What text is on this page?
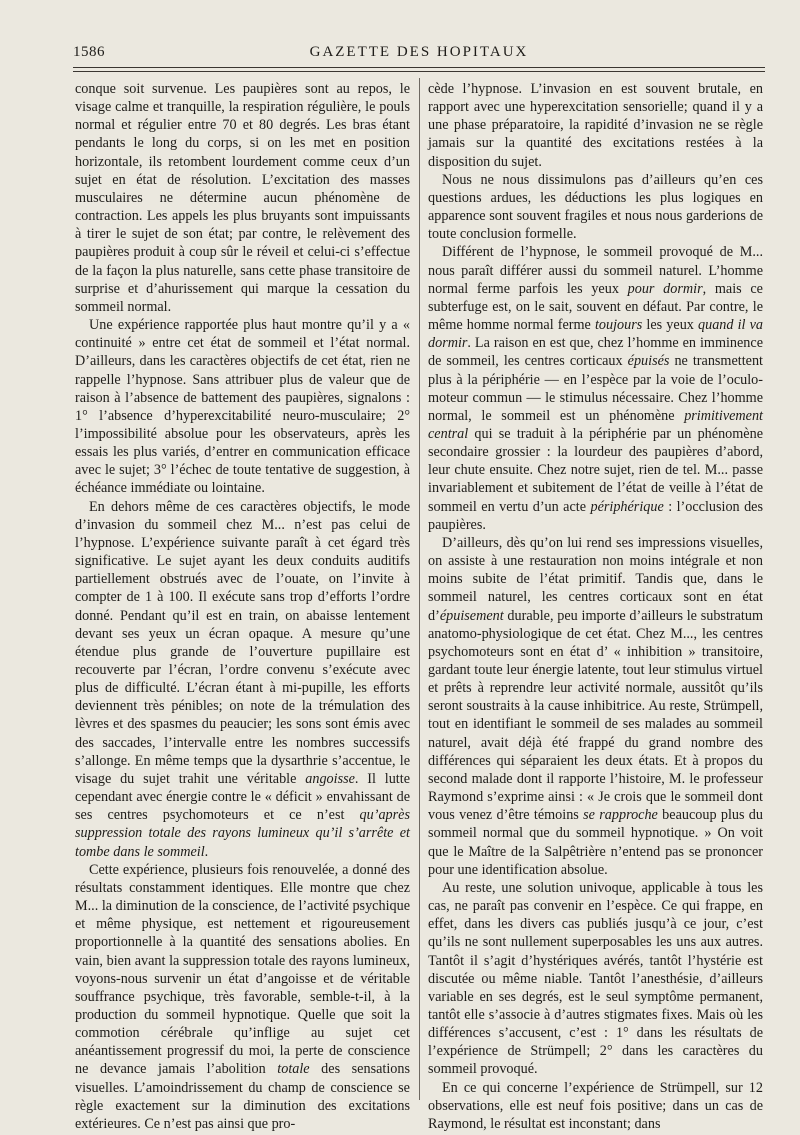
1586	GAZETTE DES HOPITAUX

conque soit survenue. Les paupières sont au repos, le visage calme et tranquille, la respiration régulière, le pouls normal et régulier entre 70 et 80 degrés. Les bras étant pendants le long du corps, si on les met en position horizontale, ils retombent lourdement comme ceux d’un sujet en état de résolution. L’excitation des masses musculaires ne détermine aucun phénomène de contraction. Les appels les plus bruyants sont impuissants à tirer le sujet de son état; par contre, le relèvement des paupières produit à coup sûr le réveil et celui-ci s’effectue de la façon la plus naturelle, sans cette phase transitoire de surprise et d’ahurissement qui marque la cessation du sommeil normal.

Une expérience rapportée plus haut montre qu’il y a « continuité » entre cet état de sommeil et l’état normal. D’ailleurs, dans les caractères objectifs de cet état, rien ne rappelle l’hypnose. Sans attribuer plus de valeur que de raison à l’absence de battement des paupières, signalons : 1° l’absence d’hyperexcitabilité neuro-musculaire; 2° l’impossibilité absolue pour les observateurs, après les essais les plus variés, d’entrer en communication efficace avec le sujet; 3° l’échec de toute tentative de suggestion, à échéance immédiate ou lointaine.

En dehors même de ces caractères objectifs, le mode d’invasion du sommeil chez M... n’est pas celui de l’hypnose. L’expérience suivante paraît à cet égard très significative. Le sujet ayant les deux conduits auditifs partiellement obstrués avec de l’ouate, on l’invite à compter de 1 à 100. Il exécute sans trop d’efforts l’ordre donné. Pendant qu’il est en train, on abaisse lentement devant ses yeux un écran opaque. A mesure qu’une étendue plus grande de l’ouverture pupillaire est recouverte par l’écran, l’ordre convenu s’exécute avec plus de difficulté. L’écran étant à mi-pupille, les efforts deviennent très pénibles; on note de la trémulation des lèvres et des spasmes du peaucier; les sons sont émis avec des saccades, l’intervalle entre les nombres successifs s’allonge. En même temps que la dysarthrie s’accentue, le visage du sujet trahit une véritable angoisse. Il lutte cependant avec énergie contre le « déficit » envahissant de ses centres psychomoteurs et ce n’est qu’après suppression totale des rayons lumineux qu’il s’arrête et tombe dans le sommeil.

Cette expérience, plusieurs fois renouvelée, a donné des résultats constamment identiques. Elle montre que chez M... la diminution de la conscience, de l’activité psychique et même physique, est nettement et rigoureusement proportionnelle à la quantité des sensations abolies. En vain, bien avant la suppression totale des rayons lumineux, voyons-nous survenir un état d’angoisse et de véritable souffrance psychique, très favorable, semble-t-il, à la production du sommeil hypnotique. Quelle que soit la commotion cérébrale qu’inflige au sujet cet anéantissement progressif du moi, la perte de conscience ne devance jamais l’abolition totale des sensations visuelles. L’amoindrissement du champ de conscience se règle exactement sur la diminution des excitations extérieures. Ce n’est pas ainsi que pro-

cède l’hypnose. L’invasion en est souvent brutale, en rapport avec une hyperexcitation sensorielle; quand il y a une phase préparatoire, la rapidité d’invasion ne se règle jamais sur la quantité des excitations restées à la disposition du sujet.

Nous ne nous dissimulons pas d’ailleurs qu’en ces questions ardues, les déductions les plus logiques en apparence sont souvent fragiles et nous nous garderions de toute conclusion formelle.

Différent de l’hypnose, le sommeil provoqué de M... nous paraît différer aussi du sommeil naturel. L’homme normal ferme parfois les yeux pour dormir, mais ce subterfuge est, on le sait, souvent en défaut. Par contre, le même homme normal ferme toujours les yeux quand il va dormir. La raison en est que, chez l’homme en imminence de sommeil, les centres corticaux épuisés ne transmettent plus à la périphérie — en l’espèce par la voie de l’oculo-moteur commun — le stimulus nécessaire. Chez l’homme normal, le sommeil est un phénomène primitivement central qui se traduit à la périphérie par un phénomène secondaire grossier : la lourdeur des paupières d’abord, leur chute ensuite. Chez notre sujet, rien de tel. M... passe invariablement et subitement de l’état de veille à l’état de sommeil en vertu d’un acte périphérique : l’occlusion des paupières.

D’ailleurs, dès qu’on lui rend ses impressions visuelles, on assiste à une restauration non moins intégrale et non moins subite de l’état primitif. Tandis que, dans le sommeil naturel, les centres corticaux sont en état d’épuisement durable, peu importe d’ailleurs le substratum anatomo-physiologique de cet état. Chez M..., les centres psychomoteurs sont en état d’ « inhibition » transitoire, gardant toute leur énergie latente, tout leur stimulus virtuel et prêts à reprendre leur activité normale, aussitôt qu’ils seront soustraits à la cause inhibitrice. Au reste, Strümpell, tout en identifiant le sommeil de ses malades au sommeil naturel, avait déjà été frappé du grand nombre des différences qui séparaient les deux états. Et à propos du second malade dont il rapporte l’histoire, M. le professeur Raymond s’exprime ainsi : « Je crois que le sommeil dont vous venez d’être témoins se rapproche beaucoup plus du sommeil normal que du sommeil hypnotique. » On voit que le Maître de la Salpêtrière n’entend pas se prononcer pour une identification absolue.

Au reste, une solution univoque, applicable à tous les cas, ne paraît pas convenir en l’espèce. Ce qui frappe, en effet, dans les divers cas publiés jusqu’à ce jour, c’est qu’ils ne sont nullement superposables les uns aux autres. Tantôt il s’agit d’hystériques avérés, tantôt l’hystérie est discutée ou même niable. Tantôt l’anesthésie, d’ailleurs variable en ses degrés, est le seul symptôme permanent, tantôt elle s’associe à d’autres stigmates fixes. Mais où les différences s’accusent, c’est : 1° dans les résultats de l’expérience de Strümpell; 2° dans les caractères du sommeil provoqué.

En ce qui concerne l’expérience de Strümpell, sur 12 observations, elle est neuf fois positive; dans un cas de Raymond, le résultat est inconstant; dans
